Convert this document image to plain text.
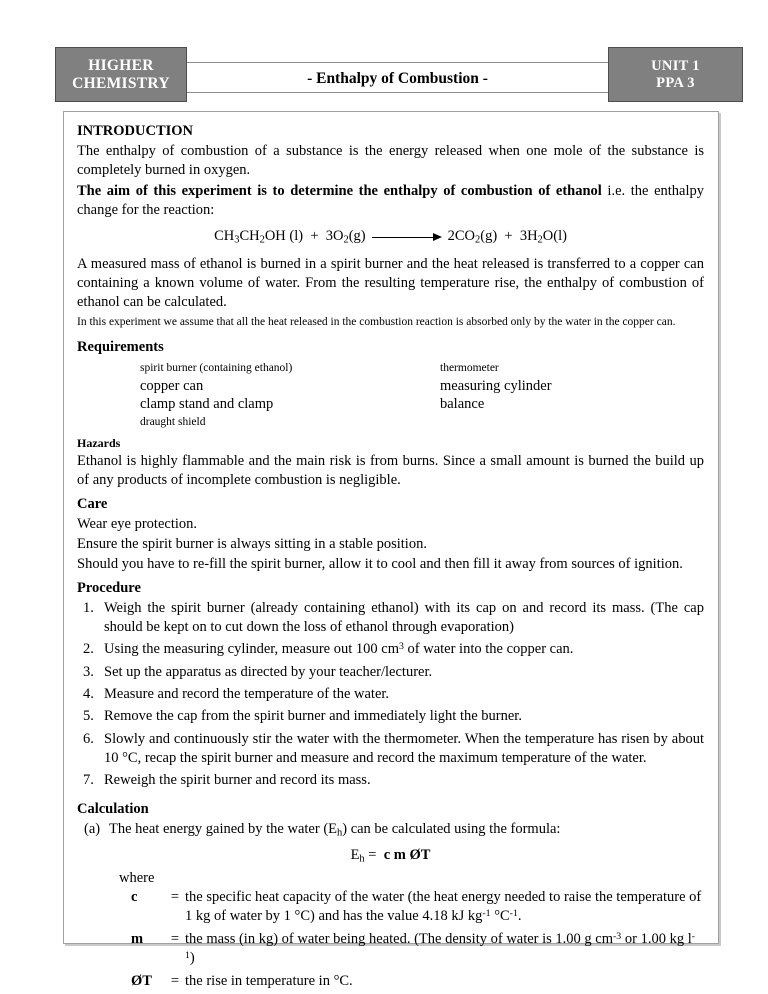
HIGHER
CHEMISTRY	- Enthalpy of Combustion -
UNIT 1
PPA 3
INTRODUCTION

The enthalpy of combustion of a substance is the energy released when one mole of the substance is completely burned in oxygen.

The aim of this experiment is to determine the enthalpy of combustion of ethanol i.e. the enthalpy change for the reaction:

$CH_3CH_2OH$ $(l) + 3O_2(g)$	$2CO_2(g) + 3H_2O(l)$

A measured mass of ethanol is burned in a spirit burner and the heat released is transferred to a copper can containing a known volume of water. From the resulting temperature rise, the enthalpy of combustion of ethanol can be calculated.

In this experiment we assume that all the heat released in the combustion reaction is absorbed only by the water in the copper can.

Requirements
spirit burner (containing ethanol)	thermometer
copper can	measuring cylinder
clamp stand and clamp	balance
draught shield	
Hazards

Ethanol is highly flammable and the main risk is from burns. Since a small amount is burned the build up of any products of incomplete combustion is negligible.

Care

Wear eye protection.

Ensure the spirit burner is always sitting in a stable position.

Should you have to re-fill the spirit burner, allow it to cool and then fill it away from sources of ignition.

Procedure
1. Weigh the spirit burner (already containing ethanol) with its cap on and record its mass. (The cap should be kept on to cut down the loss of ethanol through evaporation)
2. Using the measuring cylinder, measure out 100 $cm^3$ of water into the copper can.
3. Set up the apparatus as directed by your teacher/lecturer.
4. Measure and record the temperature of the water.
5. Remove the cap from the spirit burner and immediately light the burner.
6. Slowly and continuously stir the water with the thermometer. When the temperature has risen by about 10 °C, recap the spirit burner and measure and record the maximum temperature of the water.
7. Reweigh the spirit burner and record its mass.
Calculation
(a) The heat energy gained by the water $(E_h)$ can be calculated using the formula:
$E_h = c$ m ØT
where
c	=	the specific heat capacity of the water (the heat energy needed to raise the temperature of 1 kg of water by 1 °C) and has the value 4.18 kJ $kg^{-1}$ $^\circ C^{-1}$.
m	=	the mass (in kg) of water being heated. (The density of water is 1.00 g $cm^{-3}$ or 1.00 kg $l^{-1}$)
ØT	=	the rise in temperature in °C.
